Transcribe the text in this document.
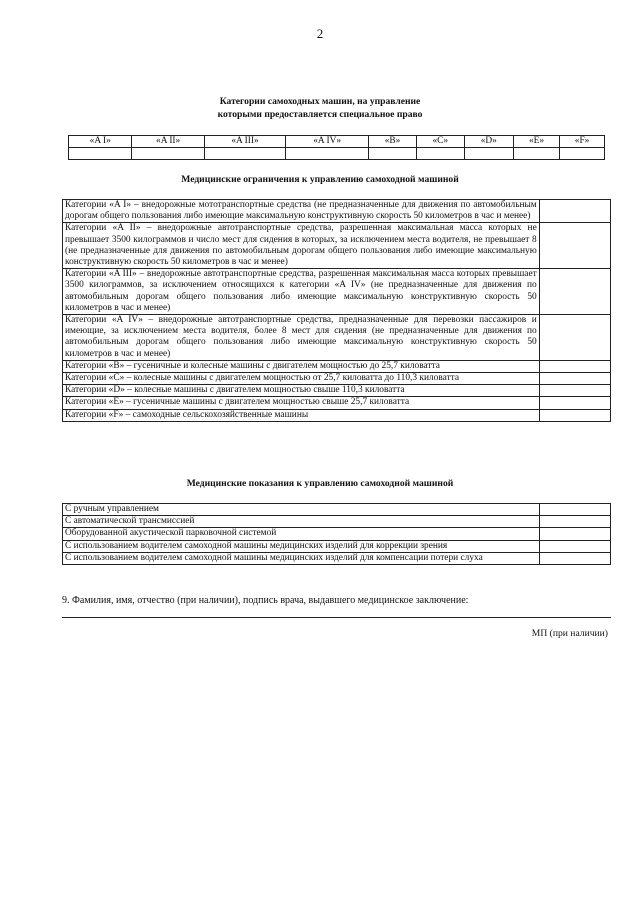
2
Категории самоходных машин, на управление
которыми предоставляется специальное право
«A I»	«A II»	«A III»	«A IV»	«B»	«C»	«D»	«E»	«F»

Медицинские ограничения к управлению самоходной машиной
Категории «A I» – внедорожные мототранспортные средства (не предназначенные для движения по автомобильным дорогам общего пользования либо имеющие максимальную конструктивную скорость 50 километров в час и менее)	
Категории «A II» – внедорожные автотранспортные средства, разрешенная максимальная масса которых не превышает 3500 килограммов и число мест для сидения в которых, за исключением места водителя, не превышает 8 (не предназначенные для движения по автомобильным дорогам общего пользования либо имеющие максимальную конструктивную скорость 50 километров в час и менее)	
Категории «A III» – внедорожные автотранспортные средства, разрешенная максимальная масса которых превышает 3500 килограммов, за исключением относящихся к категории «A IV» (не предназначенные для движения по автомобильным дорогам общего пользования либо имеющие максимальную конструктивную скорость 50 километров в час и менее)	
Категории «A IV» – внедорожные автотранспортные средства, предназначенные для перевозки пассажиров и имеющие, за исключением места водителя, более 8 мест для сидения (не предназначенные для движения по автомобильным дорогам общего пользования либо имеющие максимальную конструктивную скорость 50 километров в час и менее)	
Категории «B» – гусеничные и колесные машины с двигателем мощностью до 25,7 киловатта	
Категории «C» – колесные машины с двигателем мощностью от 25,7 киловатта до 110,3 киловатта	
Категории «D» – колесные машины с двигателем мощностью свыше 110,3 киловатта	
Категории «E» – гусеничные машины с двигателем мощностью свыше 25,7 киловатта	
Категории «F» – самоходные сельскохозяйственные машины	
Медицинские показания к управлению самоходной машиной
С ручным управлением	
С автоматической трансмиссией	
Оборудованной акустической парковочной системой	
С использованием водителем самоходной машины медицинских изделий для коррекции зрения	
С использованием водителем самоходной машины медицинских изделий для компенсации потери слуха	
9. Фамилия, имя, отчество (при наличии), подпись врача, выдавшего медицинское заключение:
МП (при наличии)
